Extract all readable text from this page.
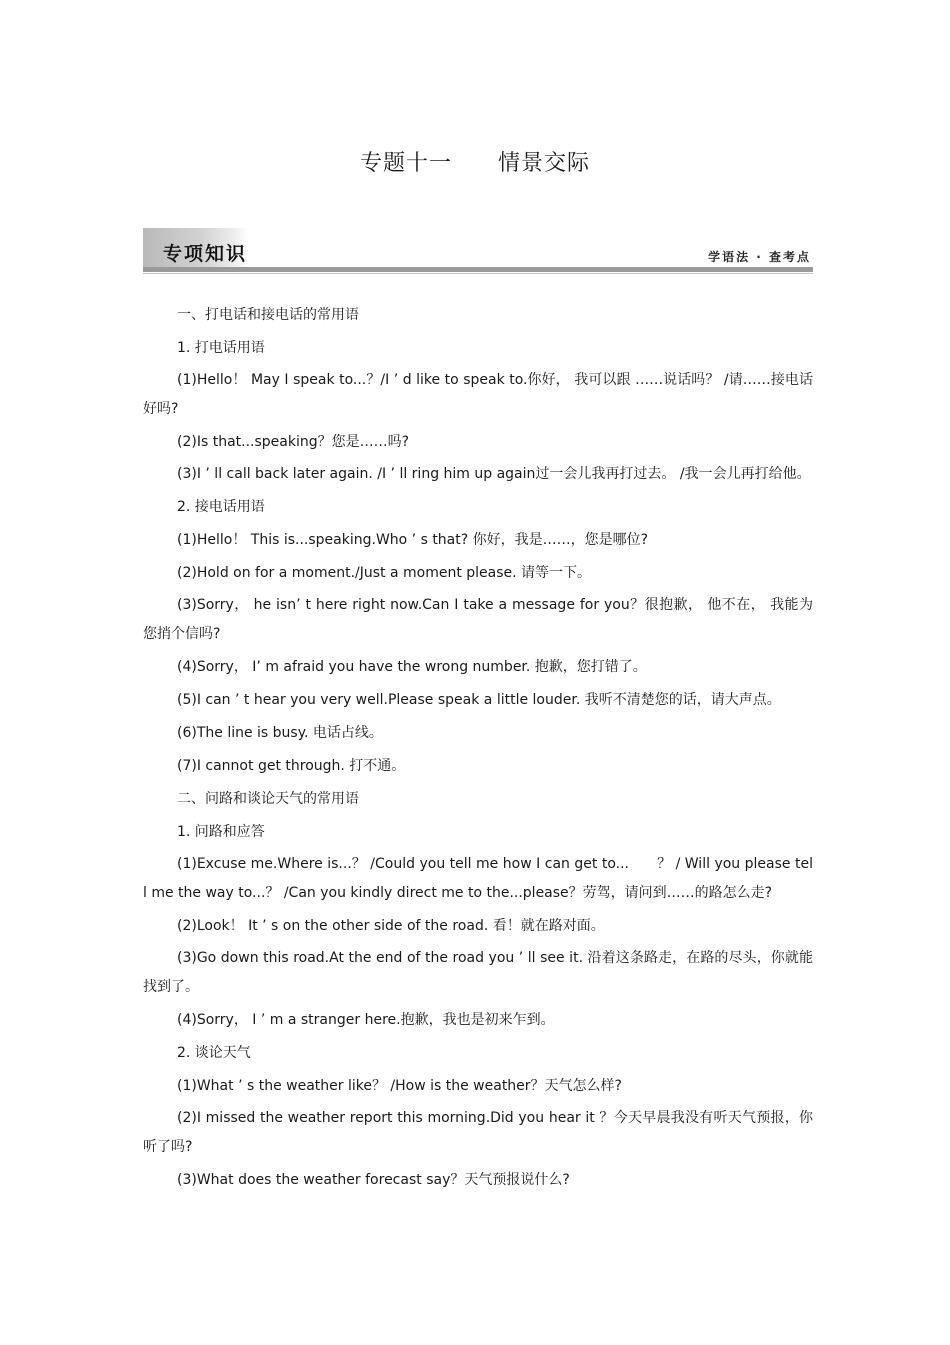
专题十一　　情景交际
专项知识	学语法 · 查考点

一、打电话和接电话的常用语

1. 打电话用语

(1)Hello！ May I speak to...？/I ’ d like to speak to.你好， 我可以跟 ……说话吗？ /请……接电话好吗?

(2)Is that...speaking？您是……吗?

(3)I ’ ll call back later again. /I ’ ll ring him up again过一会儿我再打过去。 /我一会儿再打给他。

2. 接电话用语

(1)Hello！ This is...speaking.Who ’ s that? 你好，我是……，您是哪位?

(2)Hold on for a moment./Just a moment please. 请等一下。

(3)Sorry， he isn’ t here right now.Can I take a message for you？很抱歉， 他不在， 我能为您捎个信吗?

(4)Sorry， I’ m afraid you have the wrong number. 抱歉，您打错了。

(5)I can ’ t hear you very well.Please speak a little louder. 我听不清楚您的话，请大声点。

(6)The line is busy. 电话占线。

(7)I cannot get through. 打不通。

二、问路和谈论天气的常用语

1. 问路和应答

(1)Excuse me.Where is...？ /Could you tell me how I can get to...　　？ / Will you please tell me the way to...？ /Can you kindly direct me to the...please？劳驾，请问到……的路怎么走?

(2)Look！ It ’ s on the other side of the road. 看！就在路对面。

(3)Go down this road.At the end of the road you ’ ll see it. 沿着这条路走，在路的尽头，你就能找到了。

(4)Sorry， I ’ m a stranger here.抱歉，我也是初来乍到。

2. 谈论天气

(1)What ’ s the weather like？ /How is the weather？天气怎么样?

(2)I missed the weather report this morning.Did you hear it ？今天早晨我没有听天气预报，你听了吗?

(3)What does the weather forecast say？天气预报说什么?
